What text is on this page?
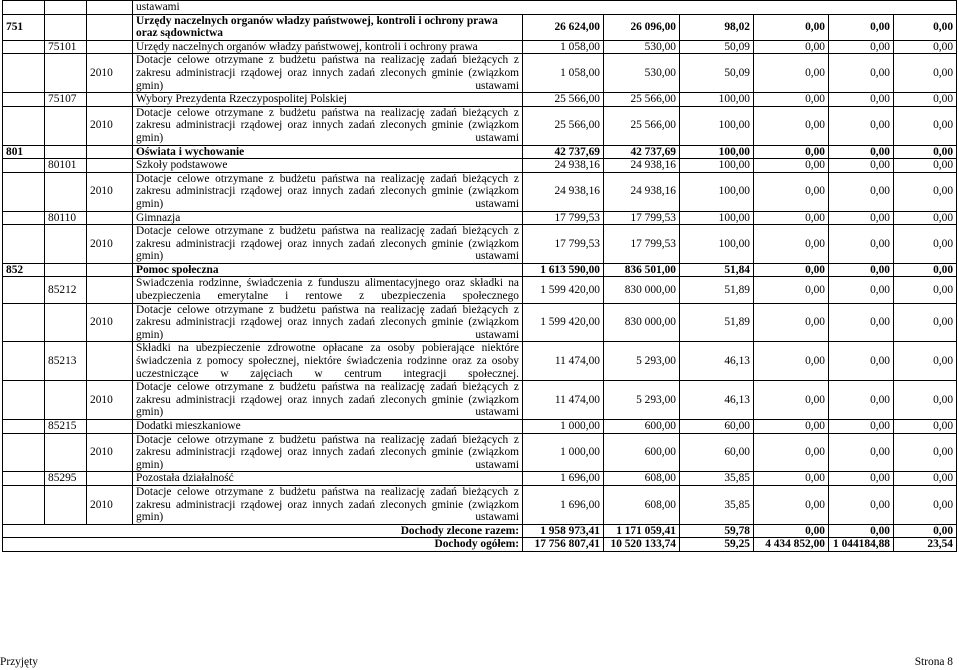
			ustawami						
751			Urzędy naczelnych organów władzy państwowej, kontroli i ochrony prawa oraz sądownictwa	26 624,00	26 096,00	98,02	0,00	0,00	0,00
	75101		Urzędy naczelnych organów władzy państwowej, kontroli i ochrony prawa	1 058,00	530,00	50,09	0,00	0,00	0,00
		2010	Dotacje celowe otrzymane z budżetu państwa na realizację zadań bieżących z zakresu administracji rządowej oraz innych zadań zleconych gminie (związkom gmin) ustawami	1 058,00	530,00	50,09	0,00	0,00	0,00
	75107		Wybory Prezydenta Rzeczypospolitej Polskiej	25 566,00	25 566,00	100,00	0,00	0,00	0,00
		2010	Dotacje celowe otrzymane z budżetu państwa na realizację zadań bieżących z zakresu administracji rządowej oraz innych zadań zleconych gminie (związkom gmin) ustawami	25 566,00	25 566,00	100,00	0,00	0,00	0,00
801			Oświata i wychowanie	42 737,69	42 737,69	100,00	0,00	0,00	0,00
	80101		Szkoły podstawowe	24 938,16	24 938,16	100,00	0,00	0,00	0,00
		2010	Dotacje celowe otrzymane z budżetu państwa na realizację zadań bieżących z zakresu administracji rządowej oraz innych zadań zleconych gminie (związkom gmin) ustawami	24 938,16	24 938,16	100,00	0,00	0,00	0,00
	80110		Gimnazja	17 799,53	17 799,53	100,00	0,00	0,00	0,00
		2010	Dotacje celowe otrzymane z budżetu państwa na realizację zadań bieżących z zakresu administracji rządowej oraz innych zadań zleconych gminie (związkom gmin) ustawami	17 799,53	17 799,53	100,00	0,00	0,00	0,00
852			Pomoc społeczna	1 613 590,00	836 501,00	51,84	0,00	0,00	0,00
	85212		Świadczenia rodzinne, świadczenia z funduszu alimentacyjnego oraz składki na ubezpieczenia emerytalne i rentowe z ubezpieczenia społecznego	1 599 420,00	830 000,00	51,89	0,00	0,00	0,00
		2010	Dotacje celowe otrzymane z budżetu państwa na realizację zadań bieżących z zakresu administracji rządowej oraz innych zadań zleconych gminie (związkom gmin) ustawami	1 599 420,00	830 000,00	51,89	0,00	0,00	0,00
	85213		Składki na ubezpieczenie zdrowotne opłacane za osoby pobierające niektóre świadczenia z pomocy społecznej, niektóre świadczenia rodzinne oraz za osoby uczestniczące w zajęciach w centrum integracji społecznej.	11 474,00	5 293,00	46,13	0,00	0,00	0,00
		2010	Dotacje celowe otrzymane z budżetu państwa na realizację zadań bieżących z zakresu administracji rządowej oraz innych zadań zleconych gminie (związkom gmin) ustawami	11 474,00	5 293,00	46,13	0,00	0,00	0,00
	85215		Dodatki mieszkaniowe	1 000,00	600,00	60,00	0,00	0,00	0,00
		2010	Dotacje celowe otrzymane z budżetu państwa na realizację zadań bieżących z zakresu administracji rządowej oraz innych zadań zleconych gminie (związkom gmin) ustawami	1 000,00	600,00	60,00	0,00	0,00	0,00
	85295		Pozostała działalność	1 696,00	608,00	35,85	0,00	0,00	0,00
		2010	Dotacje celowe otrzymane z budżetu państwa na realizację zadań bieżących z zakresu administracji rządowej oraz innych zadań zleconych gminie (związkom gmin) ustawami	1 696,00	608,00	35,85	0,00	0,00	0,00
Dochody zlecone razem:				1 958 973,41	1 171 059,41	59,78	0,00	0,00	0,00
Dochody ogółem:				17 756 807,41	10 520 133,74	59,25	4 434 852,00	1 044184,88	23,54
Przyjęty	Strona 8
